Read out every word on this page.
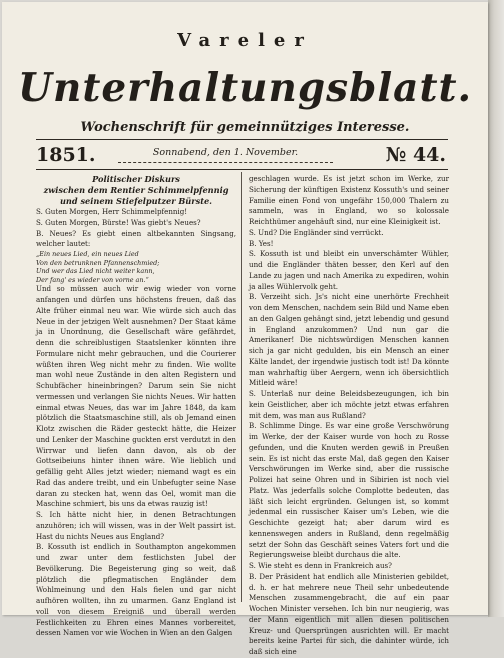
Vareler
Unterhaltungsblatt.
Wochenschrift für gemeinnütziges Interesse.
1851.	Sonnabend, den 1. November.	№ 44.

Politischer Diskurs

zwischen dem Rentier Schimmelpfennig

und seinem Stiefelputzer Bürste.

S. Guten Morgen, Herr Schimmelpfennig!

S. Guten Morgen, Bürste! Was giebt's Neues?

B. Neues? Es giebt einen altbekannten Singsang, welcher lautet:

„Ein neues Lied, ein neues Lied

Von den betrunknen Pfannenschmied;

Und wer das Lied nicht weiter kann,

Der fang' es wieder von vorne an.“

Und so müssen auch wir ewig wieder von vorne anfangen und dürfen uns höchstens freuen, daß das Alte früher einmal neu war. Wie würde sich auch das Neue in der jetzigen Welt ausnehmen? Der Staat käme ja in Unordnung, die Gesellschaft wäre gefährdet, denn die schreiblustigen Staatslenker könnten ihre Formulare nicht mehr gebrauchen, und die Courierer wüßten ihren Weg nicht mehr zu finden. Wie wollte man wohl neue Zustände in den alten Registern und Schubfächer hineinbringen? Darum sein Sie nicht vermessen und verlangen Sie nichts Neues. Wir hatten einmal etwas Neues, das war im Jahre 1848, da kam plötzlich die Staatsmaschine still, als ob Jemand einen Klotz zwischen die Räder gesteckt hätte, die Heizer und Lenker der Maschine guckten erst verdutzt in den Wirrwar und liefen dann davon, als ob der Gottseibeiuns hinter ihnen wäre. Wie lieblich und gefällig geht Alles jetzt wieder; niemand wagt es ein Rad das andere treibt, und ein Unbefugter seine Nase daran zu stecken hat, wenn das Oel, womit man die Maschine schmiert, bis uns da etwas rauzig ist!

S. Ich hätte nicht hier, in denen Betrachtungen anzuhören; ich will wissen, was in der Welt passirt ist. Hast du nichts Neues aus England?

B. Kossuth ist endlich in Southampton angekommen und zwar unter dem festlichsten Jubel der Bevölkerung. Die Begeisterung ging so weit, daß plötzlich die pflegmatischen Engländer dem Wohlmeinung und den Hals fielen und gar nicht aufhören wollten, ihn zu umarmen. Ganz England ist voll von diesem Ereigniß und überall werden Festlichkeiten zu Ehren eines Mannes vorbereitet, dessen Namen vor wie Wochen in Wien an den Galgen

geschlagen wurde. Es ist jetzt schon im Werke, zur Sicherung der künftigen Existenz Kossuth's und seiner Familie einen Fond von ungefähr 150,000 Thalern zu sammeln, was in England, wo so kolossale Reichthümer angehäuft sind, nur eine Kleinigkeit ist.

S. Und? Die Engländer sind verrückt.

B. Yes!

S. Kossuth ist und bleibt ein unverschämter Wühler, und die Engländer thäten besser, den Kerl auf den Lande zu jagen und nach Amerika zu expediren, wohin ja alles Wühlervolk geht.

B. Verzeiht sich. Js's nicht eine unerhörte Frechheit von dem Menschen, nachdem sein Bild und Name eben an den Galgen gehängt sind, jetzt lebendig und gesund in England anzukommen? Und nun gar die Amerikaner! Die nichtswürdigen Menschen kannen sich ja gar nicht gedulden, bis ein Mensch an einer Kälte landet, der irgendwie justisch todt ist! Da könnte man wahrhaftig über Aergern, wenn ich öbersichtlich Mitleid wäre!

S. Unterlaß nur deine Beleidsbezeugungen, ich bin kein Geistlicher, aber ich möchte jetzt etwas erfahren mit dem, was man aus Rußland?

B. Schlimme Dinge. Es war eine große Verschwörung im Werke, der der Kaiser wurde von hoch zu Rosse gefunden, und die Knuten werden gewiß in Preußen sein. Es ist nicht das erste Mal, daß gegen den Kaiser Verschwörungen im Werke sind, aber die russische Polizei hat seine Ohren und in Sibirien ist noch viel Platz. Was jederfalls solche Complotte bedeuten, das läßt sich leicht ergründen. Gelungen ist, so kommt jedenmal ein russischer Kaiser um's Leben, wie die Geschichte gezeigt hat; aber darum wird es kennenswegen anders in Rußland, denn regelmäßig setzt der Sohn das Geschäft seines Vaters fort und die Regierungsweise bleibt durchaus die alte.

S. Wie steht es denn in Frankreich aus?

B. Der Präsident hat endlich alle Ministerien gebildet, d. h. er hat mehrere neue Theil sehr unbedeutende Menschen zusammengebracht, die auf ein paar Wochen Minister versehen. Ich bin nur neugierig, was der Mann eigentlich mit allen diesen politischen Kreuz- und Quersprüngen ausrichten will. Er macht bereits keine Partei für sich, die dahinter würde, ich daß sich eine
